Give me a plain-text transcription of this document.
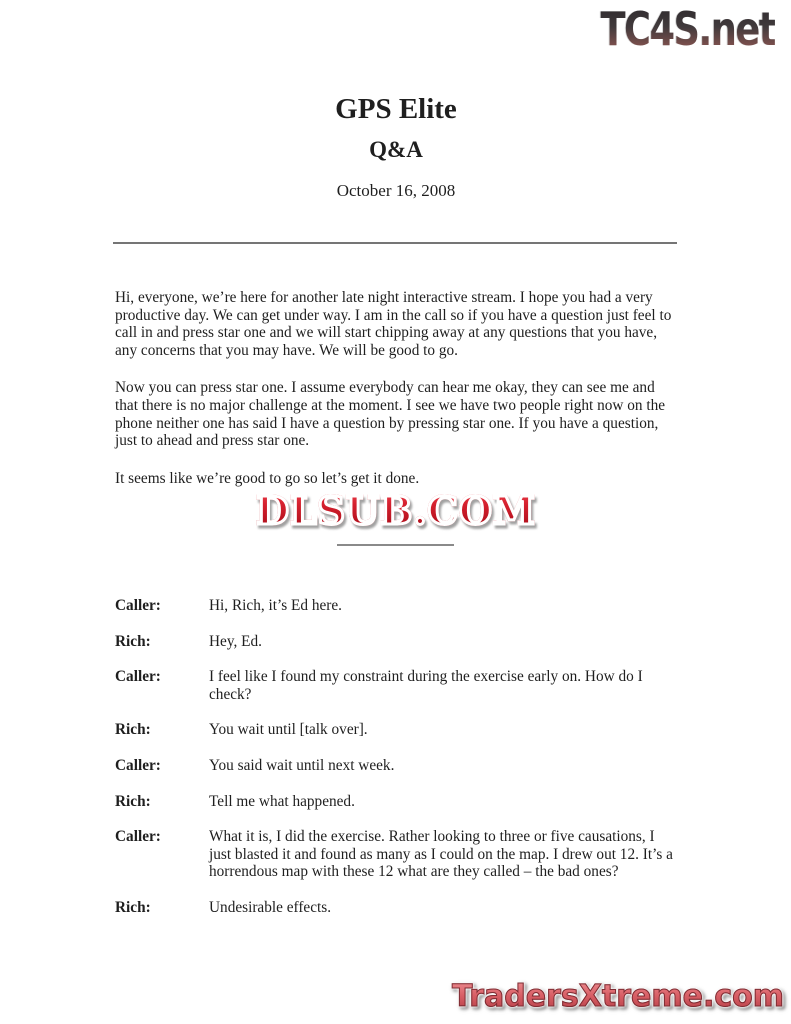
TC4S.net
GPS Elite
Q&A
October 16, 2008

Hi, everyone, we’re here for another late night interactive stream. I hope you had a very productive day. We can get under way. I am in the call so if you have a question just feel to call in and press star one and we will start chipping away at any questions that you have, any concerns that you may have. We will be good to go.

Now you can press star one. I assume everybody can hear me okay, they can see me and that there is no major challenge at the moment. I see we have two people right now on the phone neither one has said I have a question by pressing star one. If you have a question, just to ahead and press star one.

It seems like we’re good to go so let’s get it done.

DLSUB.COM
Caller:	Hi, Rich, it’s Ed here.
Rich:	Hey, Ed.
Caller:	I feel like I found my constraint during the exercise early on. How do I check?
Rich:	You wait until [talk over].
Caller:	You said wait until next week.
Rich:	Tell me what happened.
Caller:	What it is, I did the exercise. Rather looking to three or five causations, I just blasted it and found as many as I could on the map. I drew out 12. It’s a horrendous map with these 12 what are they called – the bad ones?
Rich:	Undesirable effects.
TradersXtreme.com
